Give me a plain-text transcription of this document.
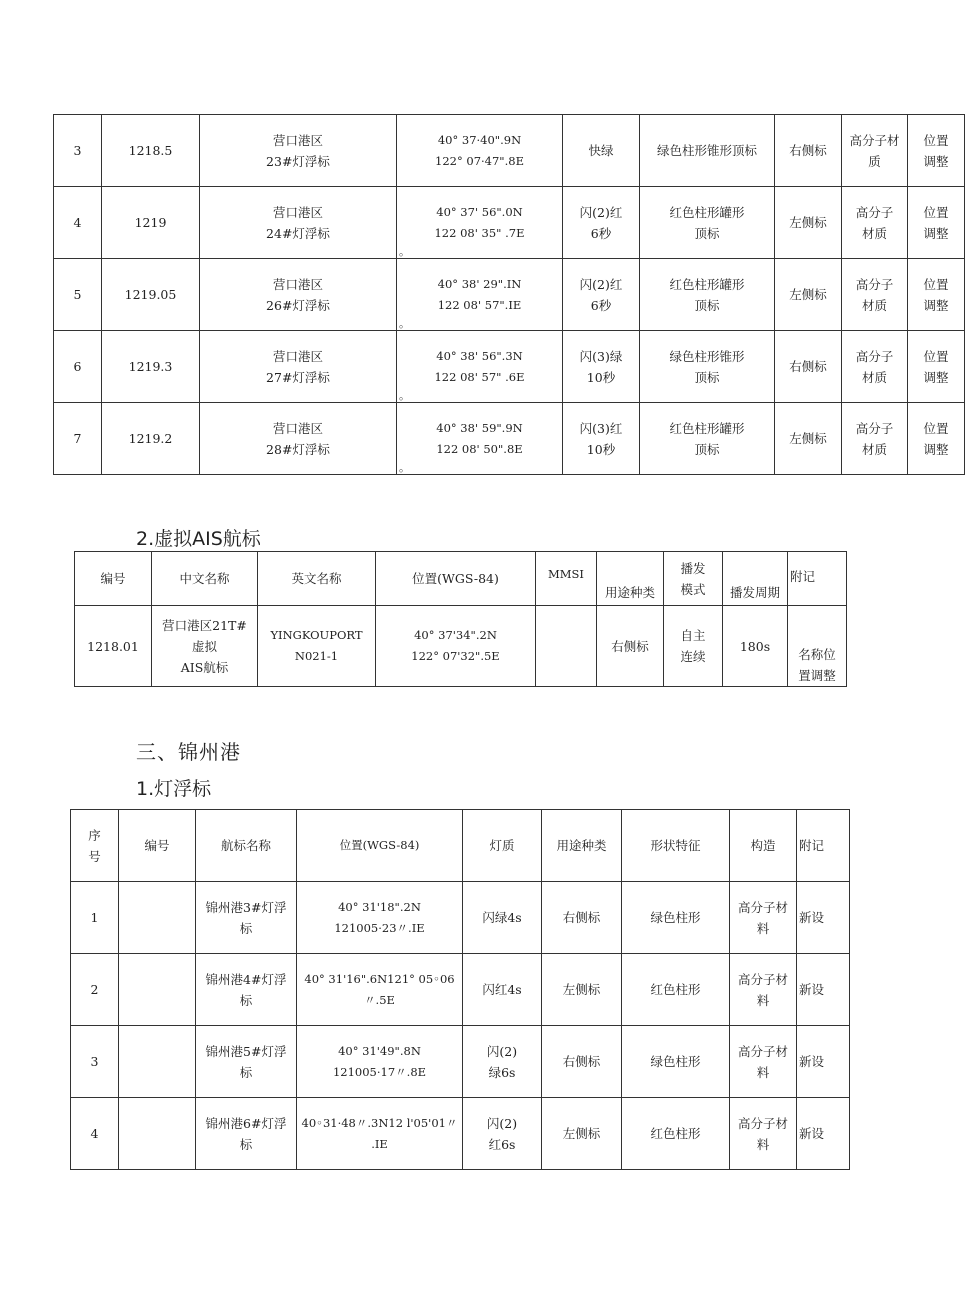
3	1218.5	营口港区
23#灯浮标	40° 37·40".9N
122° 07·47".8E	快绿	绿色柱形锥形顶标	右侧标	高分子材
质	位置
调整

4	1219	营口港区
24#灯浮标	40° 37' 56".0N
122 08' 35" .7E
。	闪(2)红
6秒	红色柱形罐形
顶标	左侧标	高分子
材质	位置
调整

5	1219.05	营口港区
26#灯浮标	40° 38' 29".IN
122 08' 57".IE
。	闪(2)红
6秒	红色柱形罐形
顶标	左侧标	高分子
材质	位置
调整

6	1219.3	营口港区
27#灯浮标	40° 38' 56".3N
122 08' 57" .6E
。	闪(3)绿
10秒	绿色柱形锥形
顶标	右侧标	高分子
材质	位置
调整

7	1219.2	营口港区
28#灯浮标	40° 38' 59".9N
122 08' 50".8E
。	闪(3)红
10秒	红色柱形罐形
顶标	左侧标	高分子
材质	位置
调整
2.虚拟AIS航标
编号	中文名称	英文名称	位置(WGS-84)	MMSI	用途种类	播发
模式	播发周期	附记

1218.01	营口港区21T#
虚拟
AIS航标	YINGKOUPORT
N021-1	40° 37'34".2N
122° 07'32".5E		右侧标	自主
连续	180s	名称位
置调整
三、锦州港
1.灯浮标
序
号	编号	航标名称	位置(WGS-84)	灯质	用途种类	形状特征	构造	附记

1		锦州港3#灯浮
标	40° 31'18".2N
121005·23〃.IE	闪绿4s	右侧标	绿色柱形	高分子材
料	新设

2		锦州港4#灯浮
标	40° 31'16".6N121° 05◦06
〃.5E	闪红4s	左侧标	红色柱形	高分子材
料	新设

3		锦州港5#灯浮
标	40° 31'49".8N
121005·17〃.8E	闪(2)
绿6s	右侧标	绿色柱形	高分子材
料	新设

4		锦州港6#灯浮
标	40◦31·48〃.3N12 l'05'01〃
.IE	闪(2)
红6s	左侧标	红色柱形	高分子材
料	新设
